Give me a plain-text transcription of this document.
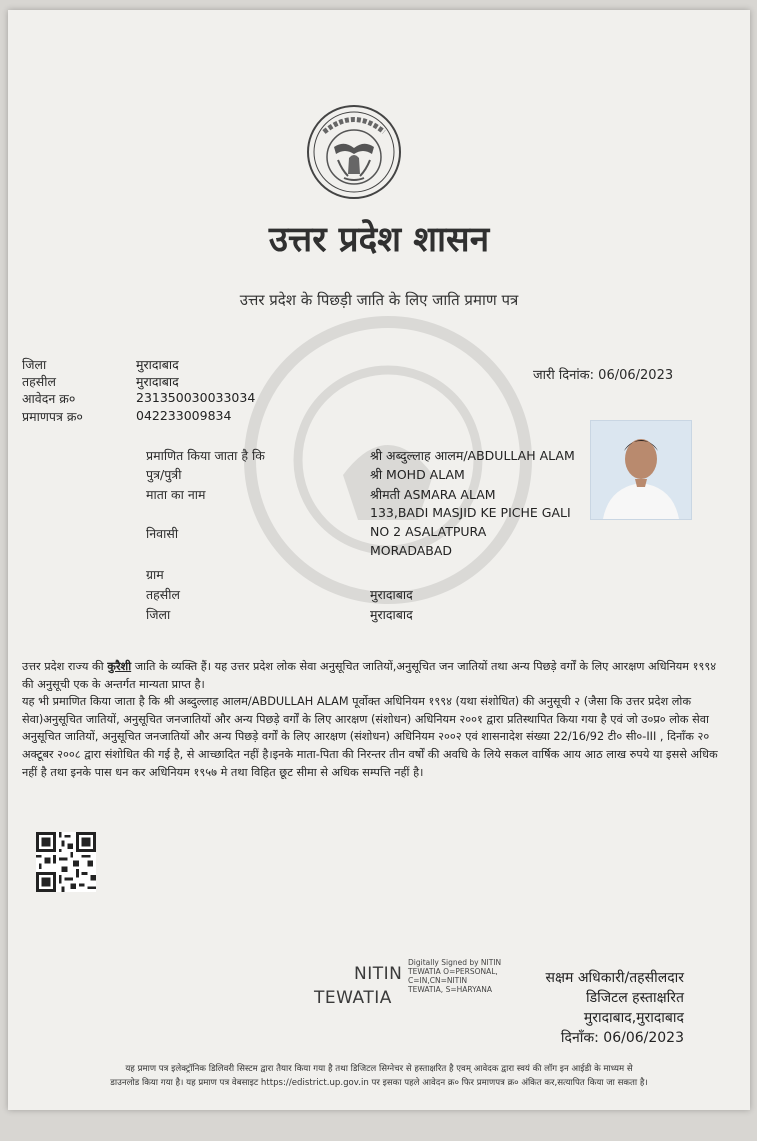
उत्तर प्रदेश शासन
उत्तर प्रदेश के पिछड़ी जाति के लिए जाति प्रमाण पत्र
जिला	मुरादाबाद
तहसील	मुरादाबाद
आवेदन क्र०	231350030033034
प्रमाणपत्र क्र०	042233009834
जारी दिनांक: 06/06/2023
प्रमाणित किया जाता है कि	श्री अब्दुल्लाह आलम/ABDULLAH ALAM
पुत्र/पुत्री	श्री MOHD ALAM
माता का नाम	श्रीमती ASMARA ALAM
133,BADI MASJID KE PICHE GALI
निवासी	NO 2 ASALATPURA
MORADABAD
ग्राम
तहसील	मुरादाबाद
जिला	मुरादाबाद

उत्तर प्रदेश राज्य की कुरैशी जाति के व्यक्ति हैं। यह उत्तर प्रदेश लोक सेवा अनुसूचित जातियों,अनुसूचित जन जातियों तथा अन्य पिछड़े वर्गों के लिए आरक्षण अधिनियम १९९४ की अनुसूची एक के अन्तर्गत मान्यता प्राप्त है।

यह भी प्रमाणित किया जाता है कि श्री अब्दुल्लाह आलम/ABDULLAH ALAM पूर्वोक्त अधिनियम १९९४ (यथा संशोधित) की अनुसूची २ (जैसा कि उत्तर प्रदेश लोक सेवा)अनुसूचित जातियों, अनुसूचित जनजातियों और अन्य पिछड़े वर्गों के लिए आरक्षण (संशोधन) अधिनियम २००१ द्वारा प्रतिस्थापित किया गया है एवं जो उ०प्र० लोक सेवा अनुसूचित जातियों, अनुसूचित जनजातियों और अन्य पिछड़े वर्गों के लिए आरक्षण (संशोधन) अधिनियम २००२ एवं शासनादेश संख्या 22/16/92 टी० सी०-III , दिनाँक २० अक्टूबर २००८ द्वारा संशोधित की गई है, से आच्छादित नहीं है।इनके माता-पिता की निरन्तर तीन वर्षों की अवधि के लिये सकल वार्षिक आय आठ लाख रुपये या इससे अधिक नहीं है तथा इनके पास धन कर अधिनियम १९५७ मे तथा विहित छूट सीमा से अधिक सम्पत्ति नहीं है।

NITIN
TEWATIA
Digitally Signed by NITIN
TEWATIA O=PERSONAL,
C=IN,CN=NITIN
TEWATIA, S=HARYANA
सक्षम अधिकारी/तहसीलदार
डिजिटल हस्ताक्षरित
मुरादाबाद,मुरादाबाद
दिनाँक: 06/06/2023
यह प्रमाण पत्र इलेक्ट्रॉनिक डिलिवरी सिस्टम द्वारा तैयार किया गया है तथा डिजिटल सिग्नेचर से हस्ताक्षरित है एवम् आवेदक द्वारा स्वयं की लॉग इन आईडी के माध्यम से
डाउनलोड किया गया है। यह प्रमाण पत्र वेबसाइट https://edistrict.up.gov.in पर इसका पहले आवेदन क्र० फिर प्रमाणपत्र क्र० अंकित कर,सत्यापित किया जा सकता है।
